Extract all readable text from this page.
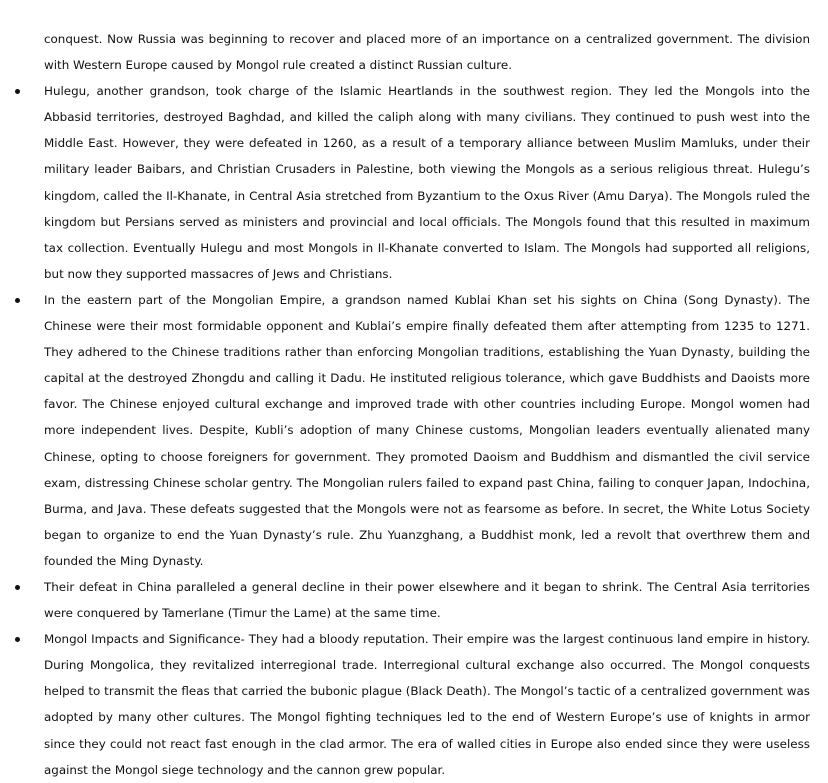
conquest. Now Russia was beginning to recover and placed more of an importance on a centralized government. The division with Western Europe caused by Mongol rule created a distinct Russian culture.

Hulegu, another grandson, took charge of the Islamic Heartlands in the southwest region. They led the Mongols into the Abbasid territories, destroyed Baghdad, and killed the caliph along with many civilians. They continued to push west into the Middle East. However, they were defeated in 1260, as a result of a temporary alliance between Muslim Mamluks, under their military leader Baibars, and Christian Crusaders in Palestine, both viewing the Mongols as a serious religious threat. Hulegu’s kingdom, called the Il-Khanate, in Central Asia stretched from Byzantium to the Oxus River (Amu Darya). The Mongols ruled the kingdom but Persians served as ministers and provincial and local officials. The Mongols found that this resulted in maximum tax collection. Eventually Hulegu and most Mongols in Il-Khanate converted to Islam. The Mongols had supported all religions, but now they supported massacres of Jews and Christians.
In the eastern part of the Mongolian Empire, a grandson named Kublai Khan set his sights on China (Song Dynasty). The Chinese were their most formidable opponent and Kublai’s empire finally defeated them after attempting from 1235 to 1271. They adhered to the Chinese traditions rather than enforcing Mongolian traditions, establishing the Yuan Dynasty, building the capital at the destroyed Zhongdu and calling it Dadu. He instituted religious tolerance, which gave Buddhists and Daoists more favor. The Chinese enjoyed cultural exchange and improved trade with other countries including Europe. Mongol women had more independent lives. Despite, Kubli’s adoption of many Chinese customs, Mongolian leaders eventually alienated many Chinese, opting to choose foreigners for government. They promoted Daoism and Buddhism and dismantled the civil service exam, distressing Chinese scholar gentry. The Mongolian rulers failed to expand past China, failing to conquer Japan, Indochina, Burma, and Java. These defeats suggested that the Mongols were not as fearsome as before. In secret, the White Lotus Society began to organize to end the Yuan Dynasty’s rule. Zhu Yuanzghang, a Buddhist monk, led a revolt that overthrew them and founded the Ming Dynasty.
Their defeat in China paralleled a general decline in their power elsewhere and it began to shrink. The Central Asia territories were conquered by Tamerlane (Timur the Lame) at the same time.
Mongol Impacts and Significance- They had a bloody reputation. Their empire was the largest continuous land empire in history. During Mongolica, they revitalized interregional trade. Interregional cultural exchange also occurred. The Mongol conquests helped to transmit the fleas that carried the bubonic plague (Black Death). The Mongol’s tactic of a centralized government was adopted by many other cultures. The Mongol fighting techniques led to the end of Western Europe’s use of knights in armor since they could not react fast enough in the clad armor. The era of walled cities in Europe also ended since they were useless against the Mongol siege technology and the cannon grew popular.
